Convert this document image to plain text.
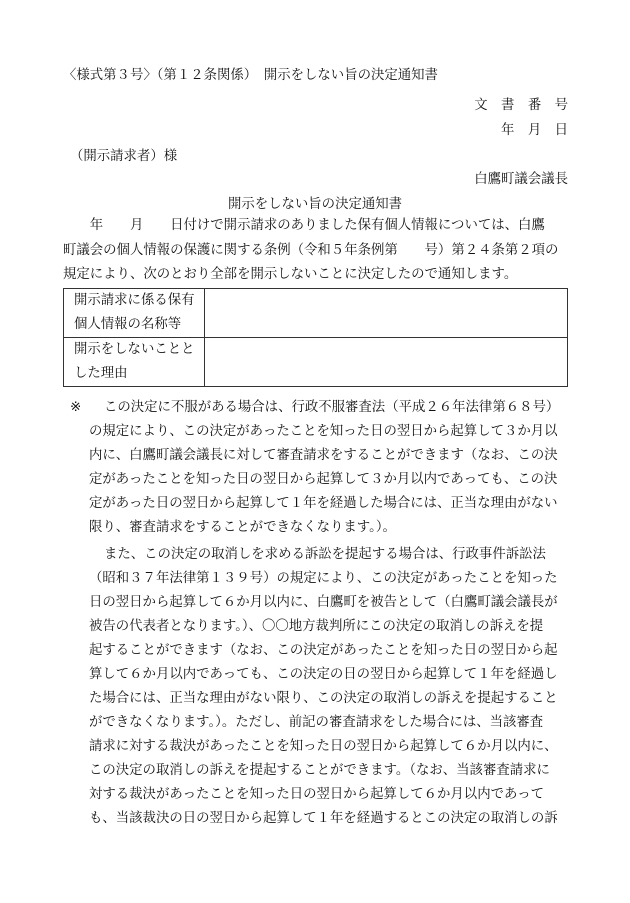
〈様式第３号〉（第１２条関係）　開示をしない旨の決定通知書
文　書　番　号
年　月　日
（開示請求者）様
白鷹町議会議長
開示をしない旨の決定通知書
　　年　　月　　日付けで開示請求のありました保有個人情報については、白鷹
町議会の個人情報の保護に関する条例（令和５年条例第　　号）第２４条第２項の
規定により、次のとおり全部を開示しないことに決定したので通知します。
開示請求に係る保有
個人情報の名称等	

開示をしないことと
した理由	

※ この決定に不服がある場合は、行政不服審査法（平成２６年法律第６８号）
の規定により、この決定があったことを知った日の翌日から起算して３か月以
内に、白鷹町議会議長に対して審査請求をすることができます（なお、この決
定があったことを知った日の翌日から起算して３か月以内であっても、この決
定があった日の翌日から起算して１年を経過した場合には、正当な理由がない
限り、審査請求をすることができなくなります。）。
また、この決定の取消しを求める訴訟を提起する場合は、行政事件訴訟法
（昭和３７年法律第１３９号）の規定により、この決定があったことを知った
日の翌日から起算して６か月以内に、白鷹町を被告として（白鷹町議会議長が
被告の代表者となります。）、〇〇地方裁判所にこの決定の取消しの訴えを提
起することができます（なお、この決定があったことを知った日の翌日から起
算して６か月以内であっても、この決定の日の翌日から起算して１年を経過し
た場合には、正当な理由がない限り、この決定の取消しの訴えを提起すること
ができなくなります。）。ただし、前記の審査請求をした場合には、当該審査
請求に対する裁決があったことを知った日の翌日から起算して６か月以内に、
この決定の取消しの訴えを提起することができます。（なお、当該審査請求に
対する裁決があったことを知った日の翌日から起算して６か月以内であって
も、当該裁決の日の翌日から起算して１年を経過するとこの決定の取消しの訴
